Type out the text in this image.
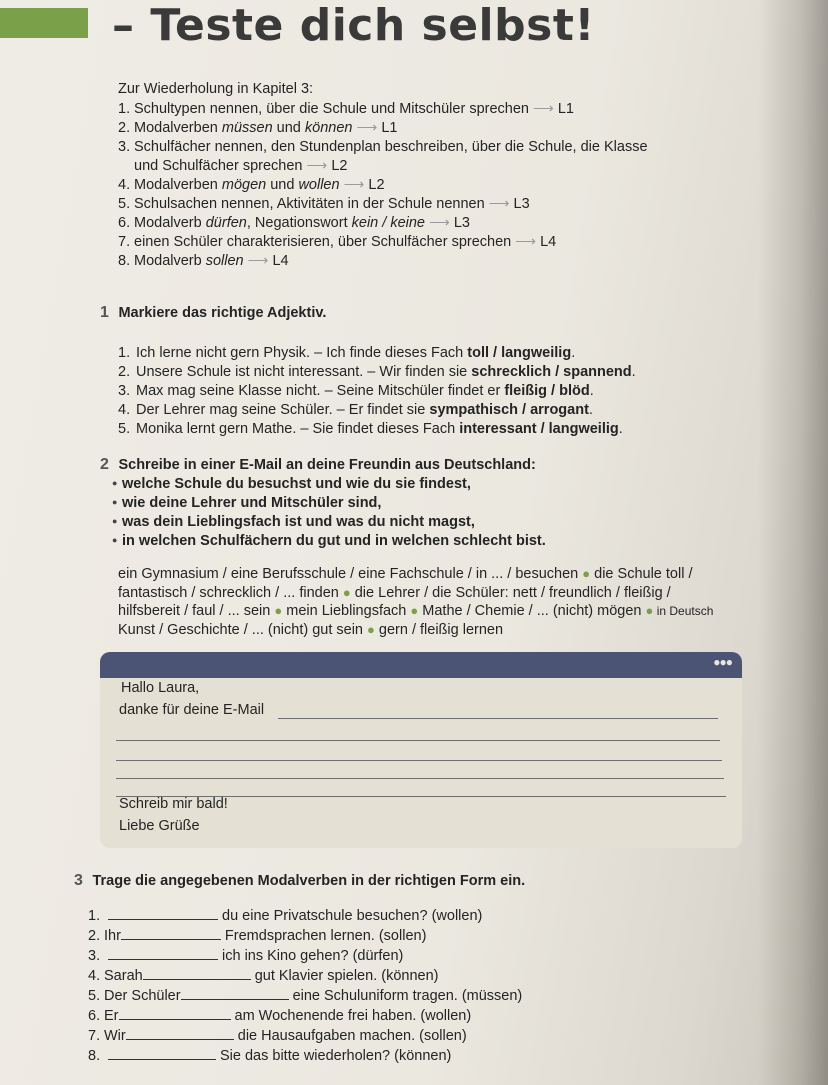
– Teste dich selbst!
Zur Wiederholung in Kapitel 3:
1. Schultypen nennen, über die Schule und Mitschüler sprechen ⟶ L1
2. Modalverben müssen und können ⟶ L1
3. Schulfächer nennen, den Stundenplan beschreiben, über die Schule, die Klasse
und Schulfächer sprechen ⟶ L2
4. Modalverben mögen und wollen ⟶ L2
5. Schulsachen nennen, Aktivitäten in der Schule nennen ⟶ L3
6. Modalverb dürfen, Negationswort kein / keine ⟶ L3
7. einen Schüler charakterisieren, über Schulfächer sprechen ⟶ L4
8. Modalverb sollen ⟶ L4
1 Markiere das richtige Adjektiv.
1. Ich lerne nicht gern Physik. – Ich finde dieses Fach toll / langweilig.
2. Unsere Schule ist nicht interessant. – Wir finden sie schrecklich / spannend.
3. Max mag seine Klasse nicht. – Seine Mitschüler findet er fleißig / blöd.
4. Der Lehrer mag seine Schüler. – Er findet sie sympathisch / arrogant.
5. Monika lernt gern Mathe. – Sie findet dieses Fach interessant / langweilig.
2 Schreibe in einer E-Mail an deine Freundin aus Deutschland:
● welche Schule du besuchst und wie du sie findest,
● wie deine Lehrer und Mitschüler sind,
● was dein Lieblingsfach ist und was du nicht magst,
● in welchen Schulfächern du gut und in welchen schlecht bist.

ein Gymnasium / eine Berufsschule / eine Fachschule / in ... / besuchen ● die Schule toll /

fantastisch / schrecklich / ... finden ● die Lehrer / die Schüler: nett / freundlich / fleißig /

hilfsbereit / faul / ... sein ● mein Lieblingsfach ● Mathe / Chemie / ... (nicht) mögen ● in Deutsch

Kunst / Geschichte / ... (nicht) gut sein ● gern / fleißig lernen

●●●
Hallo Laura,
danke für deine E-Mail
Schreib mir bald!
Liebe Grüße
3 Trage die angegebenen Modalverben in der richtigen Form ein.
1.	du eine Privatschule besuchen? (wollen)
2. Ihr	Fremdsprachen lernen. (sollen)
3.	ich ins Kino gehen? (dürfen)
4. Sarah	gut Klavier spielen. (können)
5. Der Schüler	eine Schuluniform tragen. (müssen)
6. Er	am Wochenende frei haben. (wollen)
7. Wir	die Hausaufgaben machen. (sollen)
8.	Sie das bitte wiederholen? (können)
